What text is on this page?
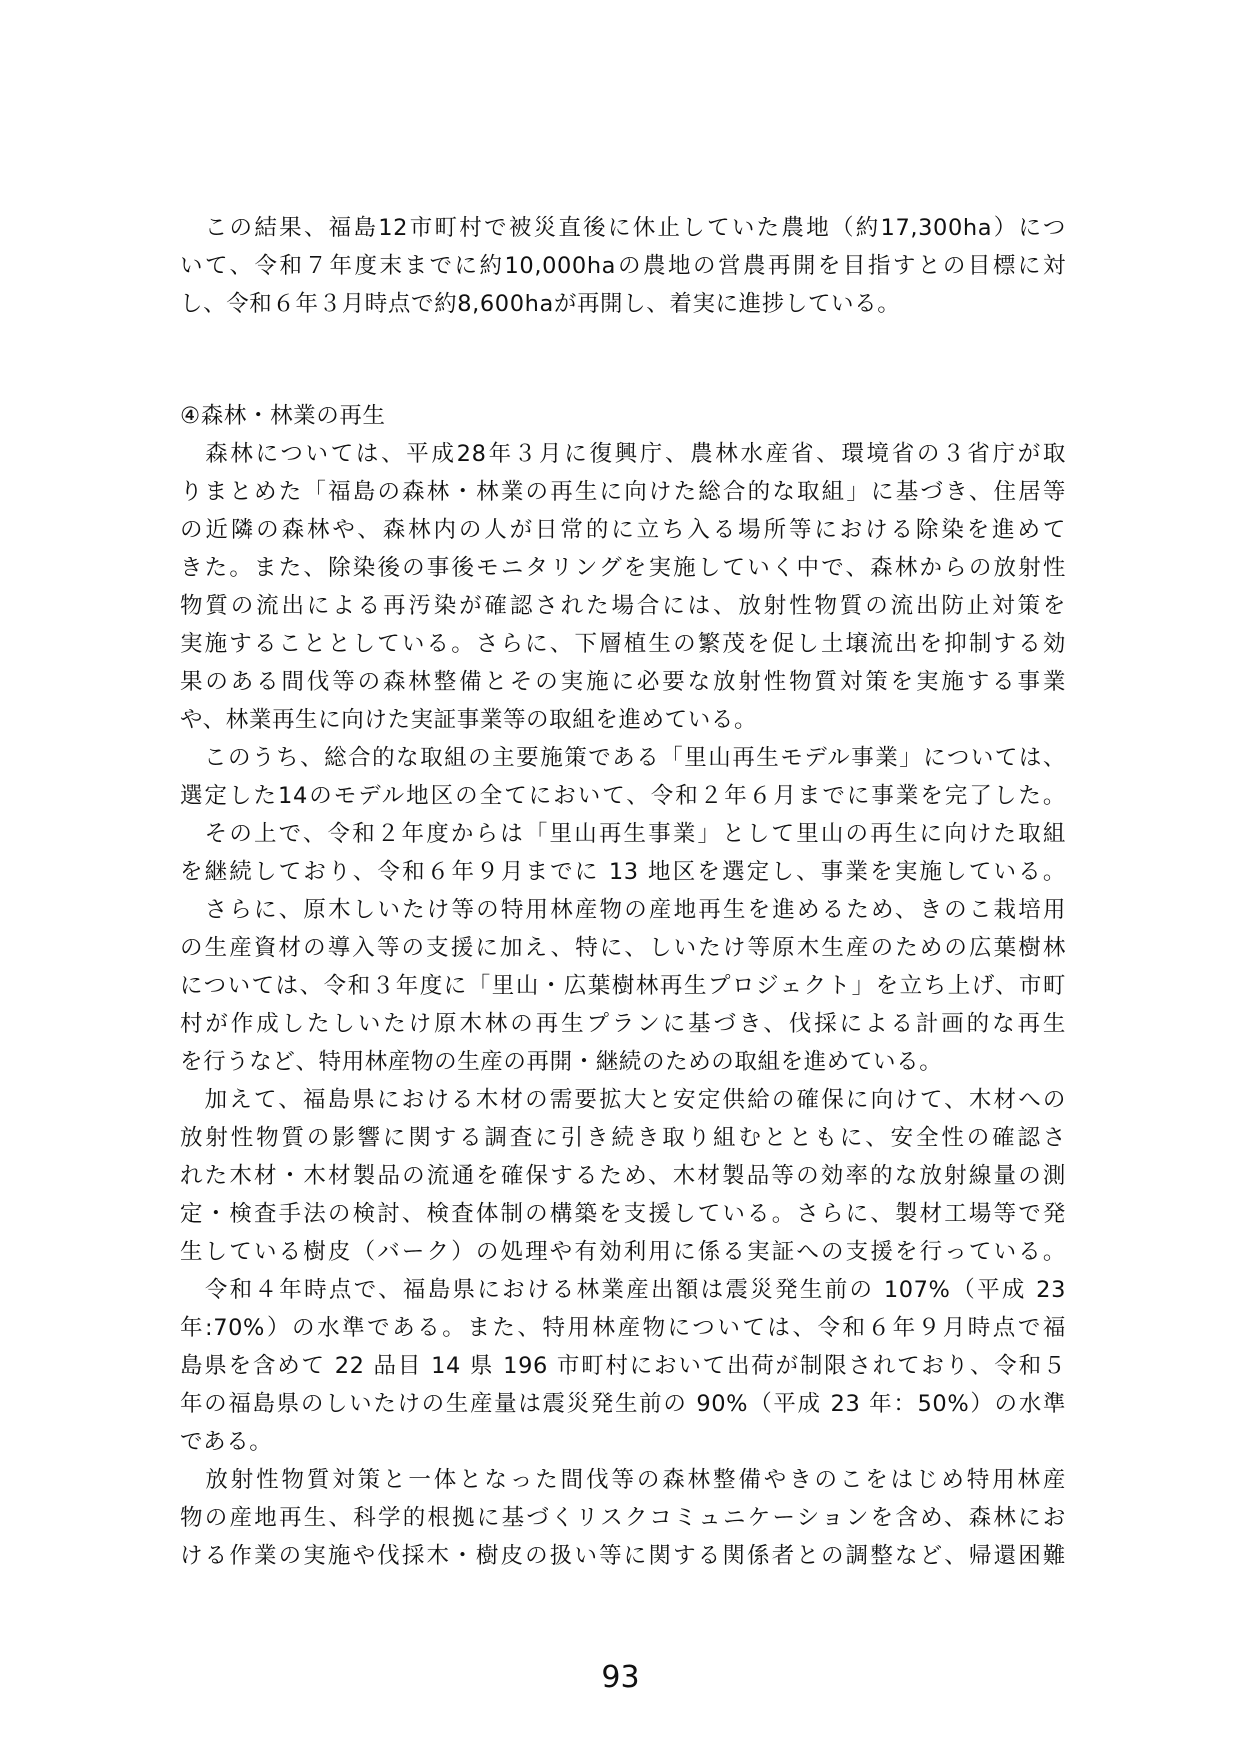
　この結果、福島12市町村で被災直後に休止していた農地（約17,300ha）につ
いて、令和７年度末までに約10,000haの農地の営農再開を目指すとの目標に対
し、令和６年３月時点で約8,600haが再開し、着実に進捗している。
④森林・林業の再生
　森林については、平成28年３月に復興庁、農林水産省、環境省の３省庁が取
りまとめた「福島の森林・林業の再生に向けた総合的な取組」に基づき、住居等
の近隣の森林や、森林内の人が日常的に立ち入る場所等における除染を進めて
きた。また、除染後の事後モニタリングを実施していく中で、森林からの放射性
物質の流出による再汚染が確認された場合には、放射性物質の流出防止対策を
実施することとしている。さらに、下層植生の繁茂を促し土壌流出を抑制する効
果のある間伐等の森林整備とその実施に必要な放射性物質対策を実施する事業
や、林業再生に向けた実証事業等の取組を進めている。
　このうち、総合的な取組の主要施策である「里山再生モデル事業」については、
選定した14のモデル地区の全てにおいて、令和２年６月までに事業を完了した。
　その上で、令和２年度からは「里山再生事業」として里山の再生に向けた取組
を継続しており、令和６年９月までに 13 地区を選定し、事業を実施している。
　さらに、原木しいたけ等の特用林産物の産地再生を進めるため、きのこ栽培用
の生産資材の導入等の支援に加え、特に、しいたけ等原木生産のための広葉樹林
については、令和３年度に「里山・広葉樹林再生プロジェクト」を立ち上げ、市町
村が作成したしいたけ原木林の再生プランに基づき、伐採による計画的な再生
を行うなど、特用林産物の生産の再開・継続のための取組を進めている。
　加えて、福島県における木材の需要拡大と安定供給の確保に向けて、木材への
放射性物質の影響に関する調査に引き続き取り組むとともに、安全性の確認さ
れた木材・木材製品の流通を確保するため、木材製品等の効率的な放射線量の測
定・検査手法の検討、検査体制の構築を支援している。さらに、製材工場等で発
生している樹皮（バーク）の処理や有効利用に係る実証への支援を行っている。
　令和４年時点で、福島県における林業産出額は震災発生前の 107%（平成 23
年:70%）の水準である。また、特用林産物については、令和６年９月時点で福
島県を含めて 22 品目 14 県 196 市町村において出荷が制限されており、令和５
年の福島県のしいたけの生産量は震災発生前の 90%（平成 23 年：50%）の水準
である。
　放射性物質対策と一体となった間伐等の森林整備やきのこをはじめ特用林産
物の産地再生、科学的根拠に基づくリスクコミュニケーションを含め、森林にお
ける作業の実施や伐採木・樹皮の扱い等に関する関係者との調整など、帰還困難
93
